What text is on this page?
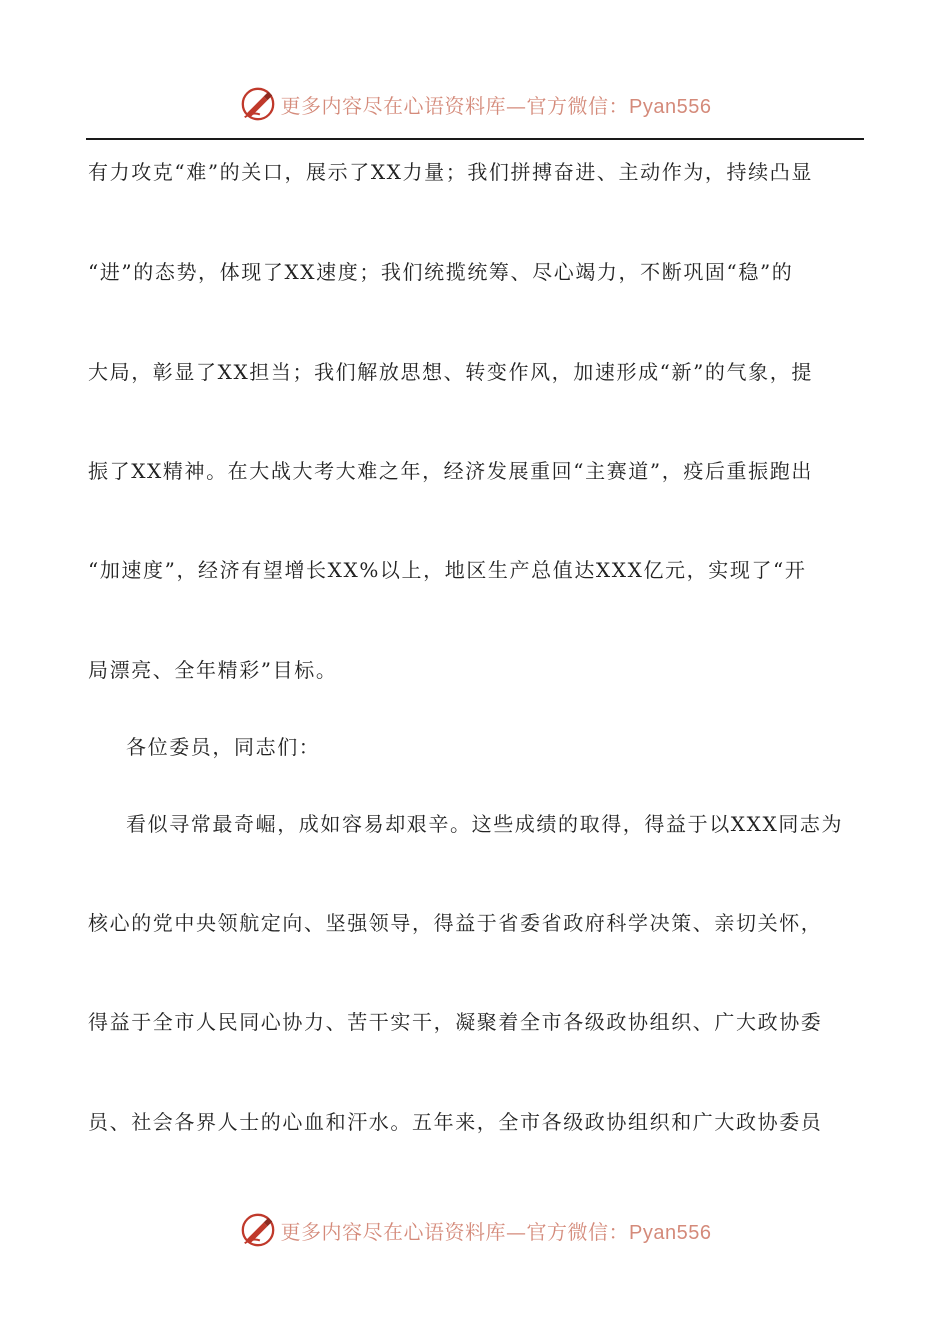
更多内容尽在心语资料库—官方微信：Pyan556
有力攻克“难”的关口，展示了XX力量；我们拼搏奋进、主动作为，持续凸显
“进”的态势，体现了XX速度；我们统揽统筹、尽心竭力，不断巩固“稳”的
大局，彰显了XX担当；我们解放思想、转变作风，加速形成“新”的气象，提
振了XX精神。在大战大考大难之年，经济发展重回“主赛道”，疫后重振跑出
“加速度”，经济有望增长XX%以上，地区生产总值达XXX亿元，实现了“开
局漂亮、全年精彩”目标。
各位委员，同志们：
看似寻常最奇崛，成如容易却艰辛。这些成绩的取得，得益于以XXX同志为
核心的党中央领航定向、坚强领导，得益于省委省政府科学决策、亲切关怀，
得益于全市人民同心协力、苦干实干，凝聚着全市各级政协组织、广大政协委
员、社会各界人士的心血和汗水。五年来，全市各级政协组织和广大政协委员
更多内容尽在心语资料库—官方微信：Pyan556
